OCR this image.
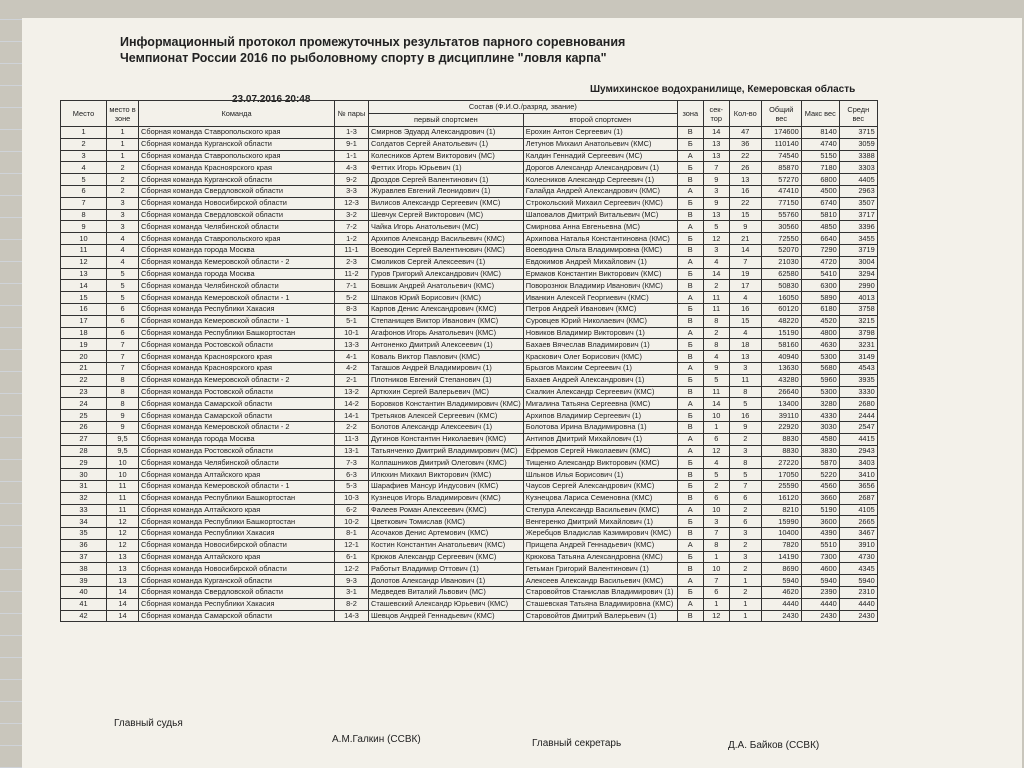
Информационный протокол промежуточных результатов парного соревнования
Чемпионат России 2016 по рыболовному спорту в дисциплине "ловля карпа"
Шумихинское водохранилище, Кемеровская область
23.07.2016 20:48
Место	место в зоне	Команда	№ пары	Состав (Ф.И.О./разряд, звание)		зона	сек-тор	Кол-во	Общий вес	Макс вес	Средн вес
				первый спортсмен	второй спортсмен						
1	1	Сборная команда Ставропольского края	1-3	Смирнов Эдуард Александрович (1)	Ерохин Антон Сергеевич (1)	В	14	47	174600	8140	3715
2	1	Сборная команда Курганской области	9-1	Солдатов Сергей Анатольевич (1)	Летунов Михаил Анатольевич (КМС)	Б	13	36	110140	4740	3059
3	1	Сборная команда Ставропольского края	1-1	Колесников Артем Викторович (МС)	Калдин Геннадий Сергеевич (МС)	А	13	22	74540	5150	3388
4	2	Сборная команда Красноярского края	4-3	Феттих Игорь Юрьевич (1)	Дорогов Александр Александрович (1)	Б	7	26	85870	7180	3303
5	2	Сборная команда Курганской области	9-2	Дроздов Сергей Валентинович (1)	Колесников Александр Сергеевич (1)	В	9	13	57270	6800	4405
6	2	Сборная команда Свердловской области	3-3	Журавлев Евгений Леонидович (1)	Галайда Андрей Александрович (КМС)	А	3	16	47410	4500	2963
7	3	Сборная команда Новосибирской области	12-3	Вилисов Александр Сергеевич (КМС)	Строкольский Михаил Сергеевич (КМС)	Б	9	22	77150	6740	3507
8	3	Сборная команда Свердловской области	3-2	Шевчук Сергей Викторович (МС)	Шаповалов Дмитрий Витальевич (МС)	В	13	15	55760	5810	3717
9	3	Сборная команда Челябинской области	7-2	Чайка Игорь Анатольевич (МС)	Смирнова Анна Евгеньевна (МС)	А	5	9	30560	4850	3396
10	4	Сборная команда Ставропольского края	1-2	Архипов Александр Васильевич (КМС)	Архипова Наталья Константиновна (КМС)	Б	12	21	72550	6640	3455
11	4	Сборная команда города Москва	11-1	Воеводин Сергей Валентинович (КМС)	Воеводина Ольга Владимировна (КМС)	В	3	14	52070	7290	3719
12	4	Сборная команда Кемеровской области - 2	2-3	Смоликов Сергей Алексеевич (1)	Евдокимов Андрей Михайлович (1)	А	4	7	21030	4720	3004
13	5	Сборная команда города Москва	11-2	Гуров Григорий Александрович (КМС)	Ермаков Константин Викторович (КМС)	Б	14	19	62580	5410	3294
14	5	Сборная команда Челябинской области	7-1	Бовшик Андрей Анатольевич (КМС)	Поворознюк Владимир Иванович (КМС)	В	2	17	50830	6300	2990
15	5	Сборная команда Кемеровской области - 1	5-2	Шпаков Юрий Борисович (КМС)	Иванкин Алексей Георгиевич (КМС)	А	11	4	16050	5890	4013
16	6	Сборная команда Республики Хакасия	8-3	Карпов Денис Александрович (КМС)	Петров Андрей Иванович (КМС)	Б	11	16	60120	6180	3758
17	6	Сборная команда Кемеровской области - 1	5-1	Степанищев Виктор Иванович (КМС)	Суровцев Юрий Николаевич (КМС)	В	8	15	48220	4520	3215
18	6	Сборная команда Республики Башкортостан	10-1	Агафонов Игорь Анатольевич (КМС)	Новиков Владимир Викторович (1)	А	2	4	15190	4800	3798
19	7	Сборная команда Ростовской области	13-3	Антоненко Дмитрий Алексеевич (1)	Бахаев Вячеслав Владимирович (1)	Б	8	18	58160	4630	3231
20	7	Сборная команда Красноярского края	4-1	Коваль Виктор Павлович (КМС)	Краскович Олег Борисович (КМС)	В	4	13	40940	5300	3149
21	7	Сборная команда Красноярского края	4-2	Тагашов Андрей Владимирович (1)	Брызгов Максим Сергеевич (1)	А	9	3	13630	5680	4543
22	8	Сборная команда Кемеровской области - 2	2-1	Плотников Евгений Степанович (1)	Бахаев Андрей Александрович (1)	Б	5	11	43280	5960	3935
23	8	Сборная команда Ростовской области	13-2	Артюхин Сергей Валерьевич (МС)	Скалкин Александр Сергеевич (КМС)	В	11	8	26640	5300	3330
24	8	Сборная команда Самарской области	14-2	Боровков Константин Владимирович (КМС)	Мигалина Татьяна Сергеевна (КМС)	А	14	5	13400	3280	2680
25	9	Сборная команда Самарской области	14-1	Третьяков Алексей Сергеевич (КМС)	Архипов Владимир Сергеевич (1)	Б	10	16	39110	4330	2444
26	9	Сборная команда Кемеровской области - 2	2-2	Болотов Александр Алексеевич (1)	Болотова Ирина Владимировна (1)	В	1	9	22920	3030	2547
27	9,5	Сборная команда города Москва	11-3	Дугинов Константин Николаевич (КМС)	Антипов Дмитрий Михайлович (1)	А	6	2	8830	4580	4415
28	9,5	Сборная команда Ростовской области	13-1	Татьянченко Дмитрий Владимирович (МС)	Ефремов Сергей Николаевич (КМС)	А	12	3	8830	3830	2943
29	10	Сборная команда Челябинской области	7-3	Колпашников Дмитрий Олегович (КМС)	Тищенко Александр Викторович (КМС)	Б	4	8	27220	5870	3403
30	10	Сборная команда Алтайского края	6-3	Илюхин Михаил Викторович (КМС)	Шлыков Илья Борисович (1)	В	5	5	17050	5220	3410
31	11	Сборная команда Кемеровской области - 1	5-3	Шарафиев Мансур Индусович (КМС)	Чаусов Сергей Александрович (КМС)	Б	2	7	25590	4560	3656
32	11	Сборная команда Республики Башкортостан	10-3	Кузнецов Игорь Владимирович (КМС)	Кузнецова Лариса Семеновна (КМС)	В	6	6	16120	3660	2687
33	11	Сборная команда Алтайского края	6-2	Фалеев Роман Алексеевич (КМС)	Стелура Александр Васильевич (КМС)	А	10	2	8210	5190	4105
34	12	Сборная команда Республики Башкортостан	10-2	Цветкович Томислав (КМС)	Венгеренко Дмитрий Михайлович (1)	Б	3	6	15990	3600	2665
35	12	Сборная команда Республики Хакасия	8-1	Асочаков Денис Артемович (КМС)	Жеребцов Владислав Казимирович (КМС)	В	7	3	10400	4390	3467
36	12	Сборная команда Новосибирской области	12-1	Костин Константин Анатольевич (КМС)	Прищепа Андрей Геннадьевич (КМС)	А	8	2	7820	5510	3910
37	13	Сборная команда Алтайского края	6-1	Крюков Александр Сергеевич (КМС)	Крюкова Татьяна Александровна (КМС)	Б	1	3	14190	7300	4730
38	13	Сборная команда Новосибирской области	12-2	Работыт Владимир Оттович (1)	Гетьман Григорий Валентинович (1)	В	10	2	8690	4600	4345
39	13	Сборная команда Курганской области	9-3	Долотов Александр Иванович (1)	Алексеев Александр Васильевич (КМС)	А	7	1	5940	5940	5940
40	14	Сборная команда Свердловской области	3-1	Медведев Виталий Львович (МС)	Старовойтов Станислав Владимирович (1)	Б	6	2	4620	2390	2310
41	14	Сборная команда Республики Хакасия	8-2	Сташевский Александр Юрьевич (КМС)	Сташевская Татьяна Владимировна (КМС)	А	1	1	4440	4440	4440
42	14	Сборная команда Самарской области	14-3	Шевцов Андрей Геннадьевич (КМС)	Старовойтов Дмитрий Валерьевич (1)	В	12	1	2430	2430	2430
Главный судья
А.М.Галкин (ССВК)	Главный секретарь	Д.А. Байков (ССВК)
